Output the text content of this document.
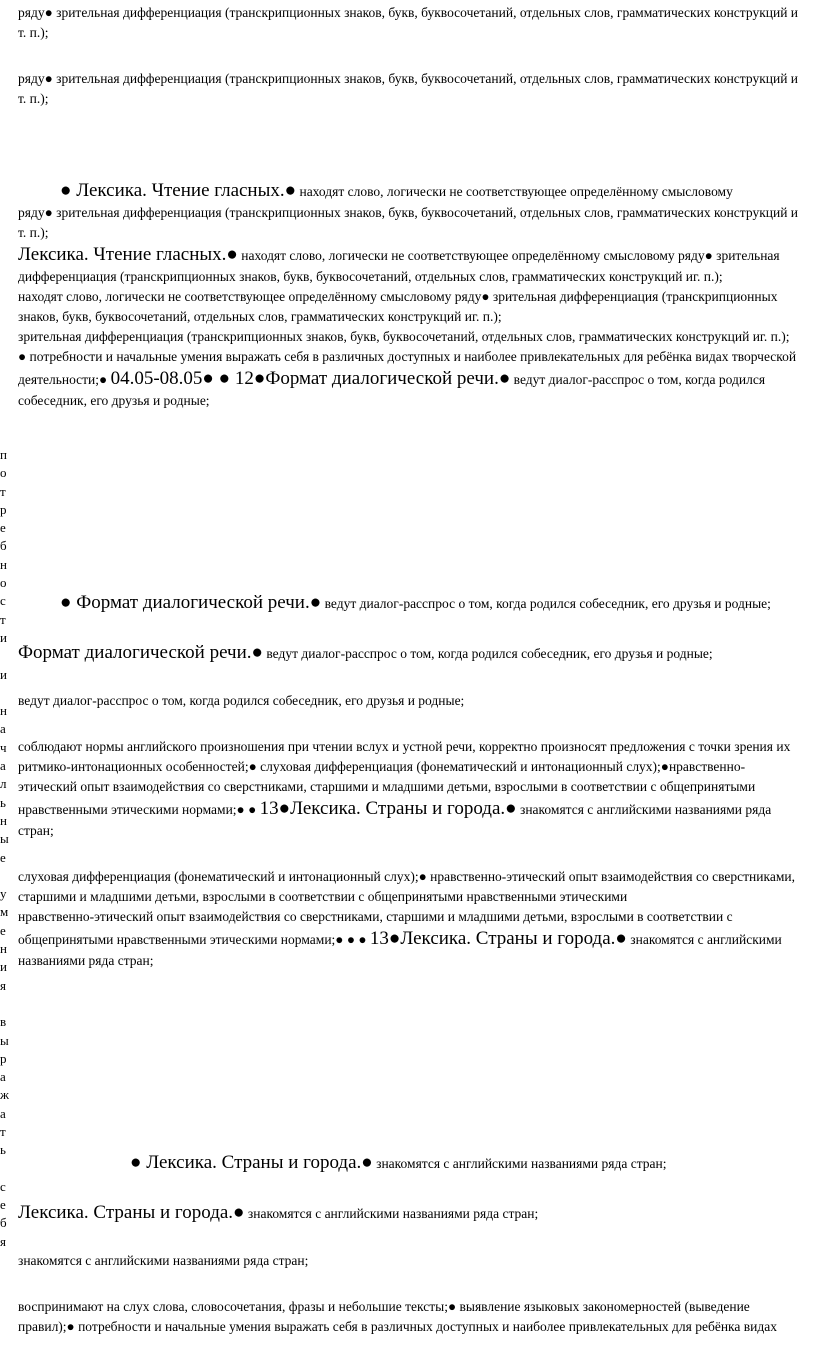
п
о
т
р
е
б
н
о
с
т
и

и

н
а
ч
а
л
ь
н
ы
е

у
м
е
н
и
я

в
ы
р
а
ж
а
т
ь

с
е
б
я
ряду● зрительная дифференциация (транскрипционных знаков, букв, буквосочетаний, отдельных слов, грамматических конструкций и
т. п.);
ряду● зрительная дифференциация (транскрипционных знаков, букв, буквосочетаний, отдельных слов, грамматических конструкций и
т. п.);
● Лексика. Чтение гласных.● находят слово, логически не соответствующее определённому смысловому
ряду● зрительная дифференциация (транскрипционных знаков, букв, буквосочетаний, отдельных слов, грамматических конструкций и
т. п.);
Лексика. Чтение гласных.● находят слово, логически не соответствующее определённому смысловому ряду● зрительная
дифференциация (транскрипционных знаков, букв, буквосочетаний, отдельных слов, грамматических конструкций иг. п.);
находят слово, логически не соответствующее определённому смысловому ряду● зрительная дифференциация (транскрипционных
знаков, букв, буквосочетаний, отдельных слов, грамматических конструкций иг. п.);
зрительная дифференциация (транскрипционных знаков, букв, буквосочетаний, отдельных слов, грамматических конструкций иг. п.);
● потребности и начальные умения выражать себя в различных доступных и наиболее привлекательных для ребёнка видах творческой
деятельности;● 04.05-08.05● ● 12●Формат диалогической речи.● ведут диалог-расспрос о том, когда родился
собеседник, его друзья и родные;
● Формат диалогической речи.● ведут диалог-расспрос о том, когда родился собеседник, его друзья и родные;
Формат диалогической речи.● ведут диалог-расспрос о том, когда родился собеседник, его друзья и родные;
ведут диалог-расспрос о том, когда родился собеседник, его друзья и родные;
соблюдают нормы английского произношения при чтении вслух и устной речи, корректно произносят предложения с точки зрения их
ритмико-интонационных особенностей;● слуховая дифференциация (фонематический и интонационный слух);●нравственно-
этический опыт взаимодействия со сверстниками, старшими и младшими детьми, взрослыми в соответствии с общепринятыми
нравственными этическими нормами;● ● 13●Лексика. Страны и города.● знакомятся с английскими названиями ряда
стран;
слуховая дифференциация (фонематический и интонационный слух);● нравственно-этический опыт взаимодействия со сверстниками,
старшими и младшими детьми, взрослыми в соответствии с общепринятыми нравственными этическими
нравственно-этический опыт взаимодействия со сверстниками, старшими и младшими детьми, взрослыми в соответствии с
общепринятыми нравственными этическими нормами;● ● ● 13●Лексика. Страны и города.● знакомятся с английскими
названиями ряда стран;
● Лексика. Страны и города.● знакомятся с английскими названиями ряда стран;
Лексика. Страны и города.● знакомятся с английскими названиями ряда стран;
знакомятся с английскими названиями ряда стран;
воспринимают на слух слова, словосочетания, фразы и небольшие тексты;● выявление языковых закономерностей (выведение
правил);● потребности и начальные умения выражать себя в различных доступных и наиболее привлекательных для ребёнка видах
